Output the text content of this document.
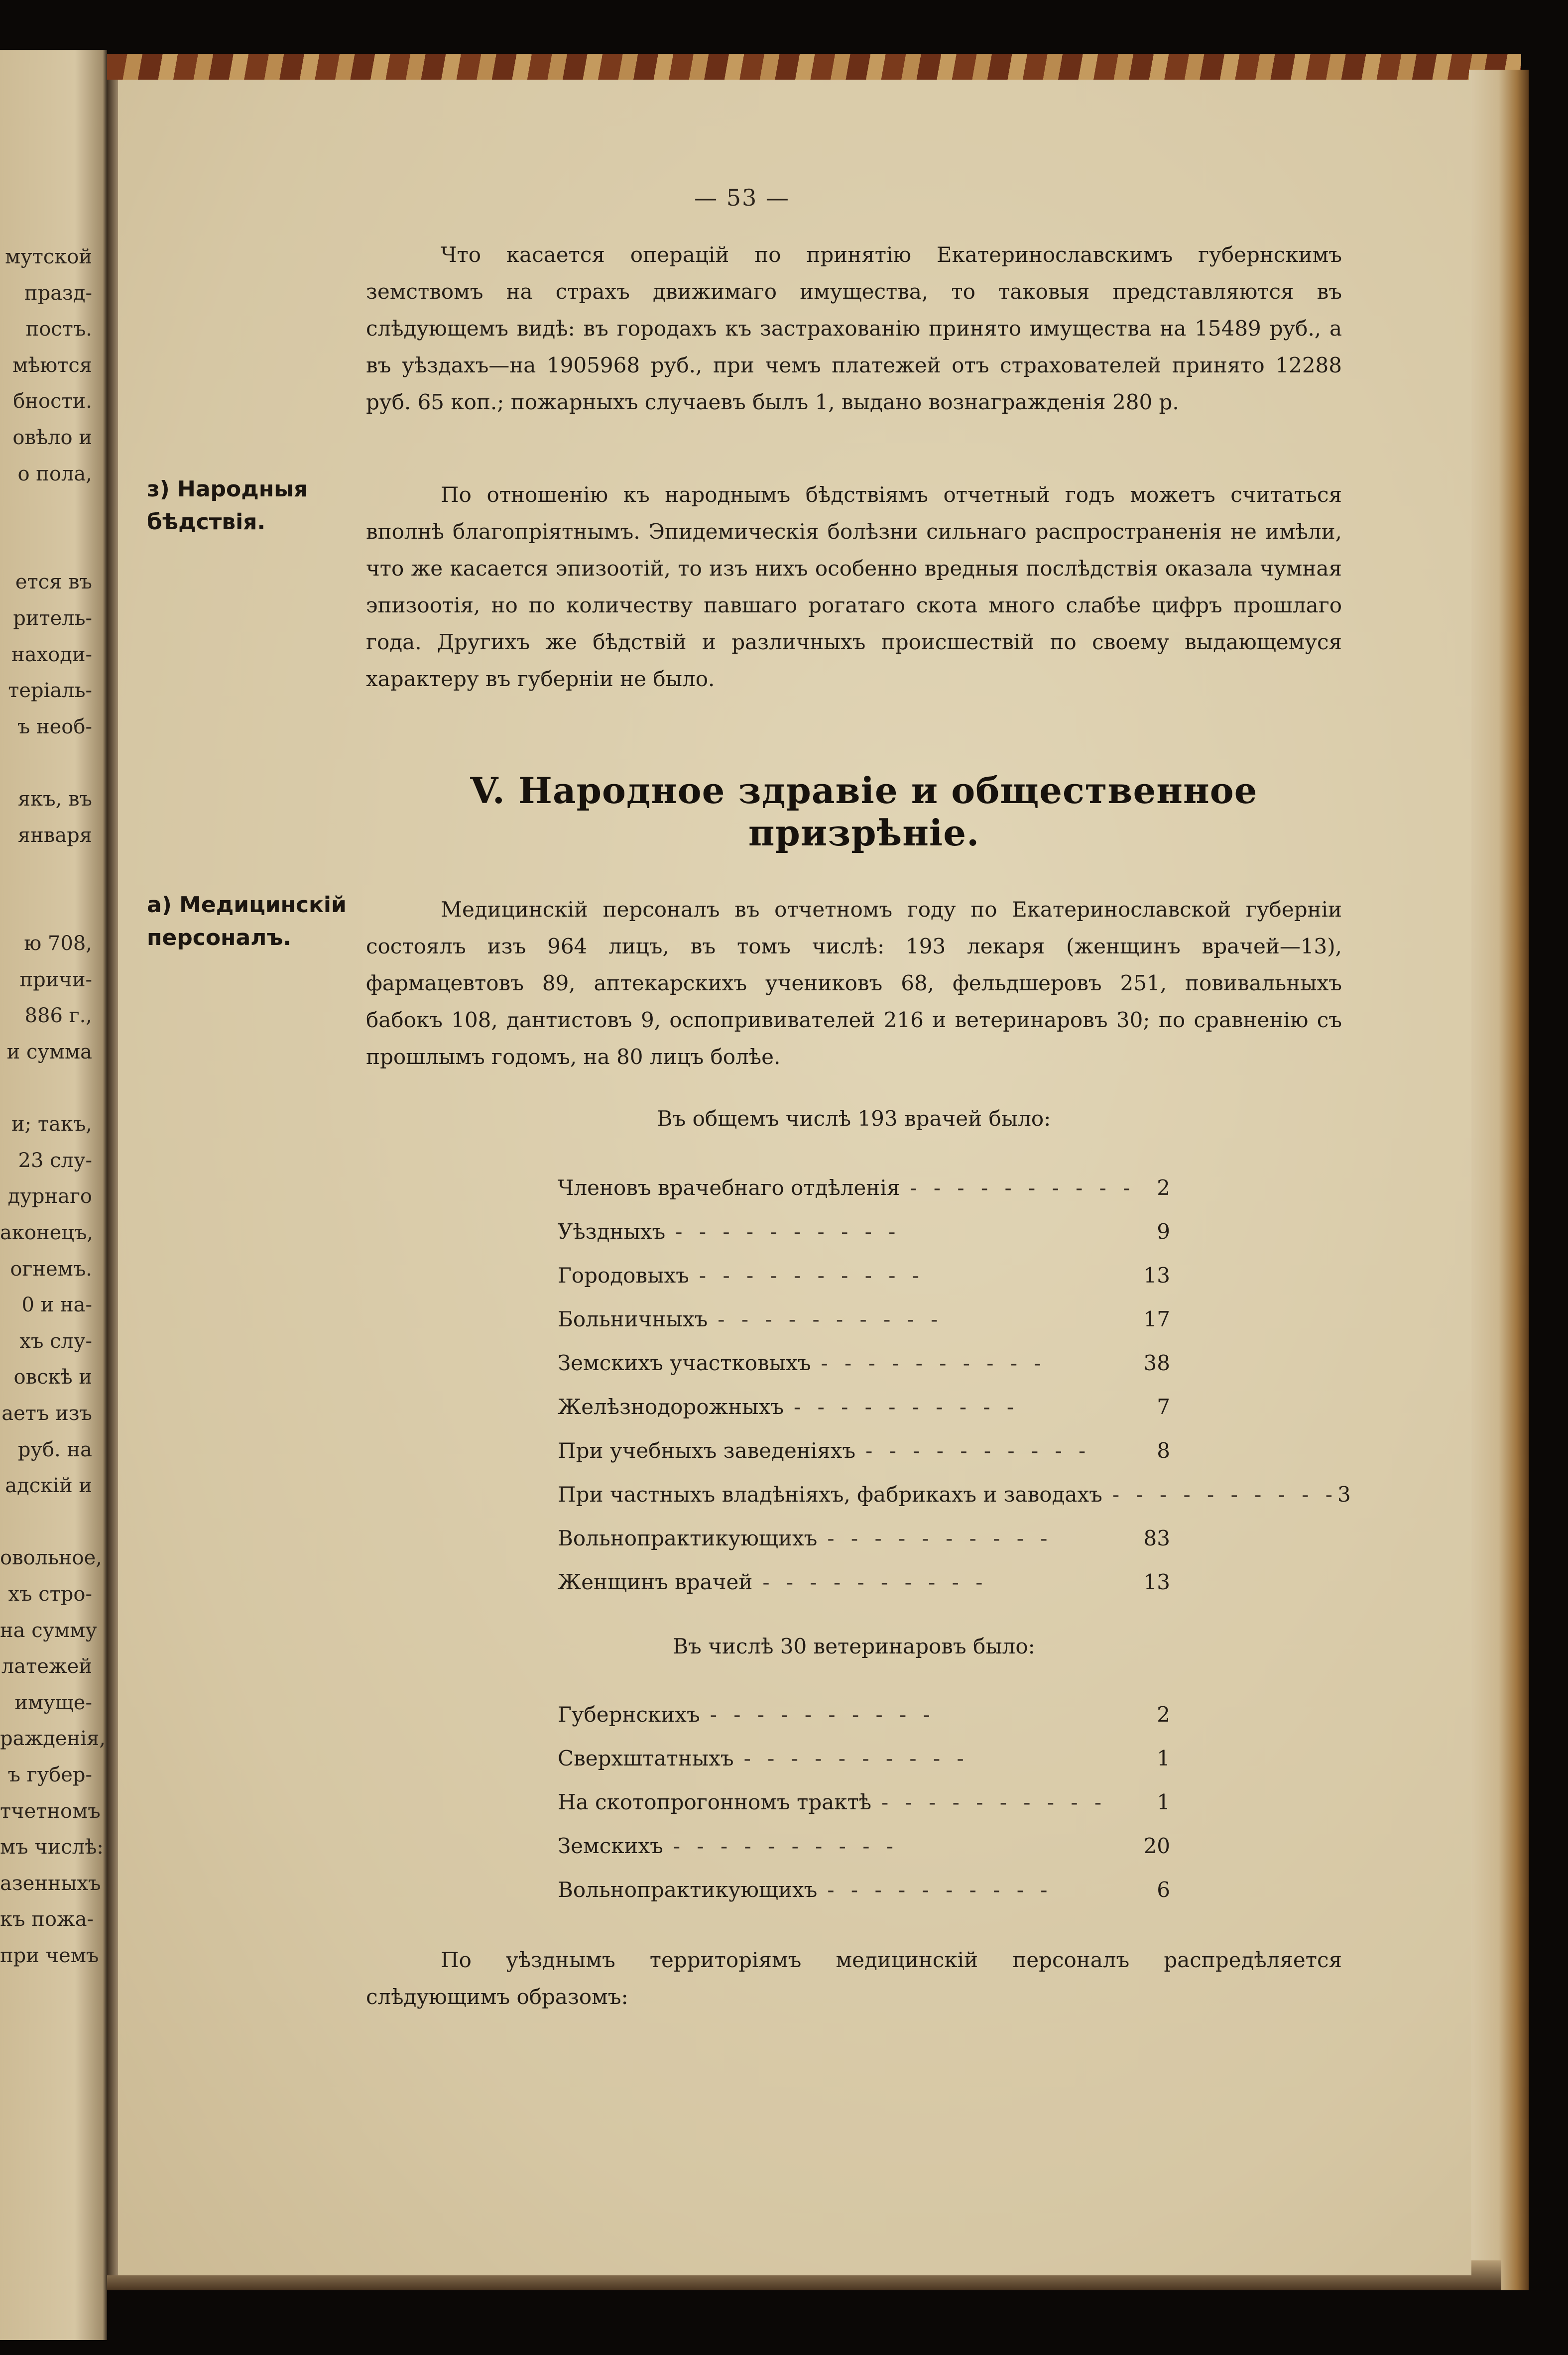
мутской
празд-
постъ.
мѣются
бности.
овѣло и
о пола,

ется въ
ритель-
находи-
теріаль-
ъ необ-

якъ, въ
января

ю 708,
причи-
886 г.,
и сумма

и; такъ,
23 слу-
дурнаго
аконецъ,
огнемъ.
0 и на-
хъ слу-
овскѣ и
аетъ изъ
руб. на
адскій и

овольное,
хъ стро-
на сумму
латежей
имуще-
ражденія,
ъ губер-
тчетномъ
мъ числѣ:
азенныхъ
къ пожа-
при чемъ
— 53 —
Что касается операцій по принятію Екатеринославскимъ губернскимъ земствомъ на страхъ движимаго имущества, то таковыя представляются въ слѣдующемъ видѣ: въ городахъ къ застрахованію принято имущества на 15489 руб., а въ уѣздахъ—на 1905968 руб., при чемъ платежей отъ страхователей принято 12288 руб. 65 коп.; пожарныхъ случаевъ былъ 1, выдано вознагражденія 280 р.
з) Народныя бѣдствія.
По отношенію къ народнымъ бѣдствіямъ отчетный годъ можетъ считаться вполнѣ благопріятнымъ. Эпидемическія болѣзни сильнаго распространенія не имѣли, что же касается эпизоотій, то изъ нихъ особенно вредныя послѣдствія оказала чумная эпизоотія, но по количеству павшаго рогатаго скота много слабѣе цифръ прошлаго года. Другихъ же бѣдствій и различныхъ происшествій по своему выдающемуся характеру въ губерніи не было.
V. Народное здравіе и общественное призрѣніе.
а) Медицинскій персоналъ.
Медицинскій персоналъ въ отчетномъ году по Екатеринославской губерніи состоялъ изъ 964 лицъ, въ томъ числѣ: 193 лекаря (женщинъ врачей—13), фармацевтовъ 89, аптекарскихъ учениковъ 68, фельдшеровъ 251, повивальныхъ бабокъ 108, дантистовъ 9, оспопрививателей 216 и ветеринаровъ 30; по сравненію съ прошлымъ годомъ, на 80 лицъ болѣе.
Въ общемъ числѣ 193 врачей было:
Членовъ врачебнаго отдѣленія - - - - - - - - - -	2
Уѣздныхъ - - - - - - - - - -	9
Городовыхъ - - - - - - - - - -	13
Больничныхъ - - - - - - - - - -	17
Земскихъ участковыхъ - - - - - - - - - -	38
Желѣзнодорожныхъ - - - - - - - - - -	7
При учебныхъ заведеніяхъ - - - - - - - - - -	8
При частныхъ владѣніяхъ, фабрикахъ и заводахъ - - - - - - - - - - 3
Вольнопрактикующихъ - - - - - - - - - -	83
Женщинъ врачей - - - - - - - - - -	13
Въ числѣ 30 ветеринаровъ было:
Губернскихъ - - - - - - - - - -	2
Сверхштатныхъ - - - - - - - - - -	1
На скотопрогонномъ трактѣ - - - - - - - - - -	1
Земскихъ - - - - - - - - - -	20
Вольнопрактикующихъ - - - - - - - - - -	6
По уѣзднымъ территоріямъ медицинскій персоналъ распредѣляется слѣдующимъ образомъ:
